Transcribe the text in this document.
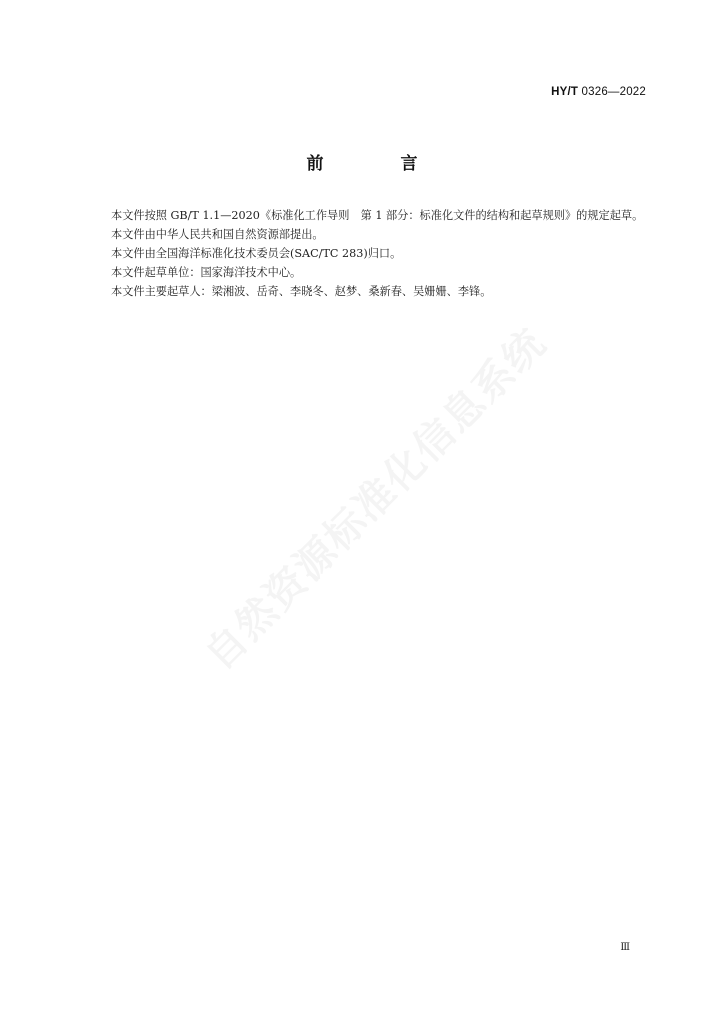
HY/T 0326—2022
前　言

本文件按照 GB/T 1.1—2020《标准化工作导则　第 1 部分：标准化文件的结构和起草规则》的规定起草。

本文件由中华人民共和国自然资源部提出。

本文件由全国海洋标准化技术委员会(SAC/TC 283)归口。

本文件起草单位：国家海洋技术中心。

本文件主要起草人：梁湘波、岳奇、李晓冬、赵梦、桑新春、吴姗姗、李锋。

自然资源标准化信息系统
Ⅲ
